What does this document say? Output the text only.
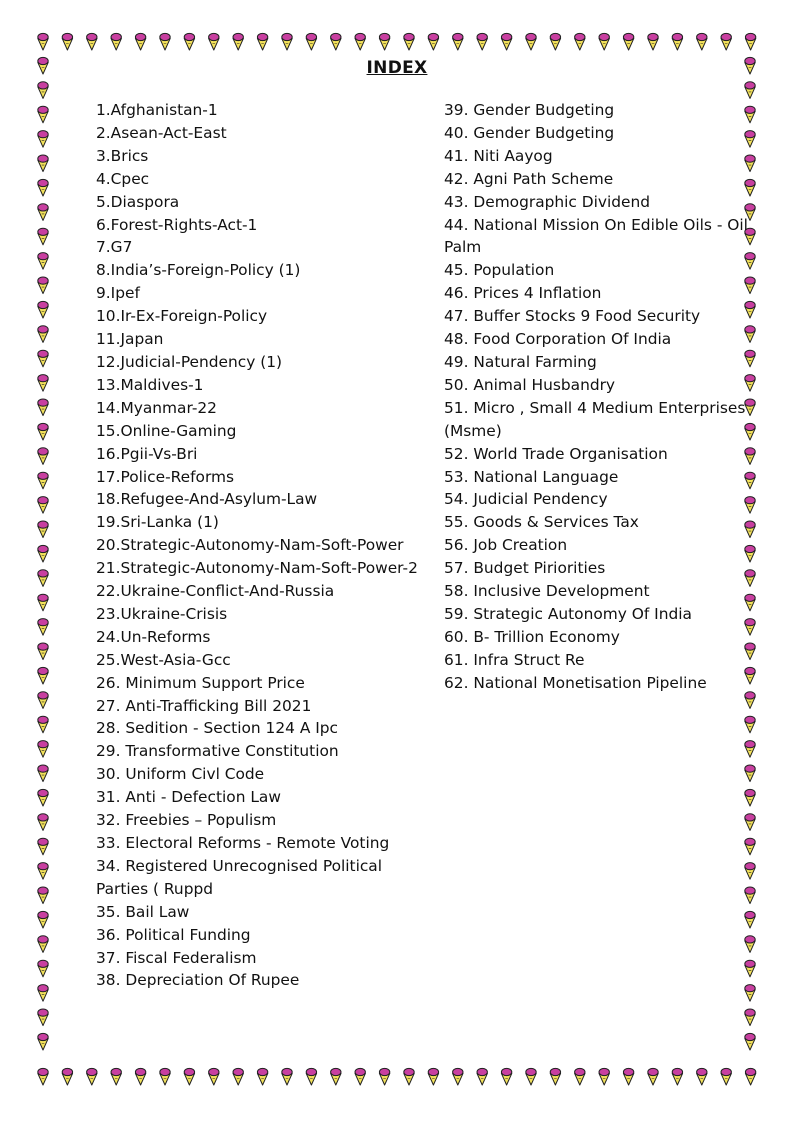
INDEX
1.Afghanistan-1
2.Asean-Act-East
3.Brics
4.Cpec
5.Diaspora
6.Forest-Rights-Act-1
7.G7
8.India’s-Foreign-Policy (1)
9.Ipef
10.Ir-Ex-Foreign-Policy
11.Japan
12.Judicial-Pendency (1)
13.Maldives-1
14.Myanmar-22
15.Online-Gaming
16.Pgii-Vs-Bri
17.Police-Reforms
18.Refugee-And-Asylum-Law
19.Sri-Lanka (1)
20.Strategic-Autonomy-Nam-Soft-Power
21.Strategic-Autonomy-Nam-Soft-Power-2
22.Ukraine-Conflict-And-Russia
23.Ukraine-Crisis
24.Un-Reforms
25.West-Asia-Gcc
26. Minimum Support Price
27. Anti-Trafficking Bill 2021
28. Sedition - Section 124 A Ipc
29. Transformative Constitution
30. Uniform Civl Code
31. Anti - Defection Law
32. Freebies – Populism
33. Electoral Reforms - Remote Voting
34. Registered Unrecognised Political Parties ( Ruppd
35. Bail Law
36. Political Funding
37. Fiscal Federalism
38. Depreciation Of Rupee
39. Gender Budgeting
40. Gender Budgeting
41. Niti Aayog
42. Agni Path Scheme
43. Demographic Dividend
44. National Mission On Edible Oils - Oil Palm
45. Population
46. Prices 4 Inflation
47. Buffer Stocks 9 Food Security
48. Food Corporation Of India
49. Natural Farming
50. Animal Husbandry
51. Micro , Small 4 Medium Enterprises (Msme)
52. World Trade Organisation
53. National Language
54. Judicial Pendency
55. Goods & Services Tax
56. Job Creation
57. Budget Piriorities
58. Inclusive Development
59. Strategic Autonomy Of India
60. B- Trillion Economy
61. Infra Struct Re
62. National Monetisation Pipeline
